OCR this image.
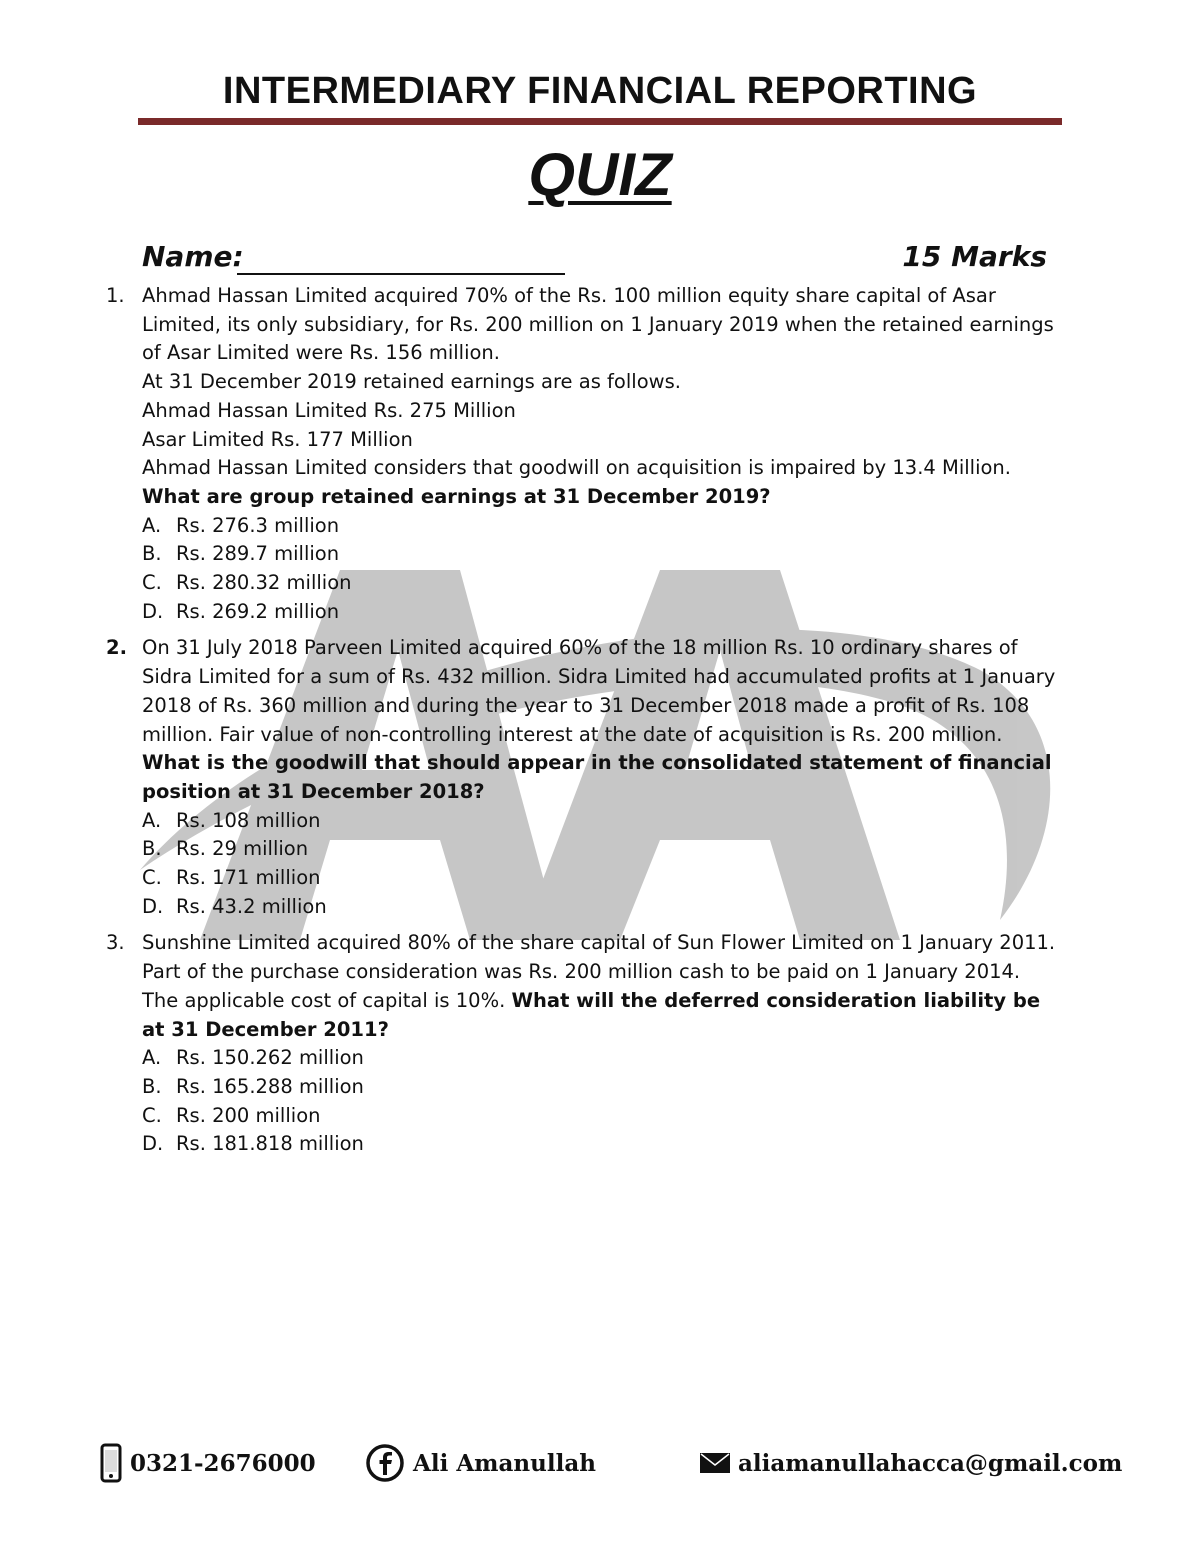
INTERMEDIARY FINANCIAL REPORTING
QUIZ
Name:	15 Marks
1. Ahmad Hassan Limited acquired 70% of the Rs. 100 million equity share capital of Asar Limited, its only subsidiary, for Rs. 200 million on 1 January 2019 when the retained earnings of Asar Limited were Rs. 156 million.

At 31 December 2019 retained earnings are as follows.

Ahmad Hassan Limited Rs. 275 Million

Asar Limited Rs. 177 Million

Ahmad Hassan Limited considers that goodwill on acquisition is impaired by 13.4 Million. What are group retained earnings at 31 December 2019?

A. Rs. 276.3 million
B. Rs. 289.7 million
C. Rs. 280.32 million
D. Rs. 269.2 million
2. On 31 July 2018 Parveen Limited acquired 60% of the 18 million Rs. 10 ordinary shares of Sidra Limited for a sum of Rs. 432 million. Sidra Limited had accumulated profits at 1 January 2018 of Rs. 360 million and during the year to 31 December 2018 made a profit of Rs. 108 million. Fair value of non-controlling interest at the date of acquisition is Rs. 200 million. What is the goodwill that should appear in the consolidated statement of financial position at 31 December 2018?

A. Rs. 108 million
B. Rs. 29 million
C. Rs. 171 million
D. Rs. 43.2 million
3. Sunshine Limited acquired 80% of the share capital of Sun Flower Limited on 1 January 2011. Part of the purchase consideration was Rs. 200 million cash to be paid on 1 January 2014. The applicable cost of capital is 10%. What will the deferred consideration liability be at 31 December 2011?

A. Rs. 150.262 million
B. Rs. 165.288 million
C. Rs. 200 million
D. Rs. 181.818 million
0321-2676000	Ali Amanullah	aliamanullahacca@gmail.com
